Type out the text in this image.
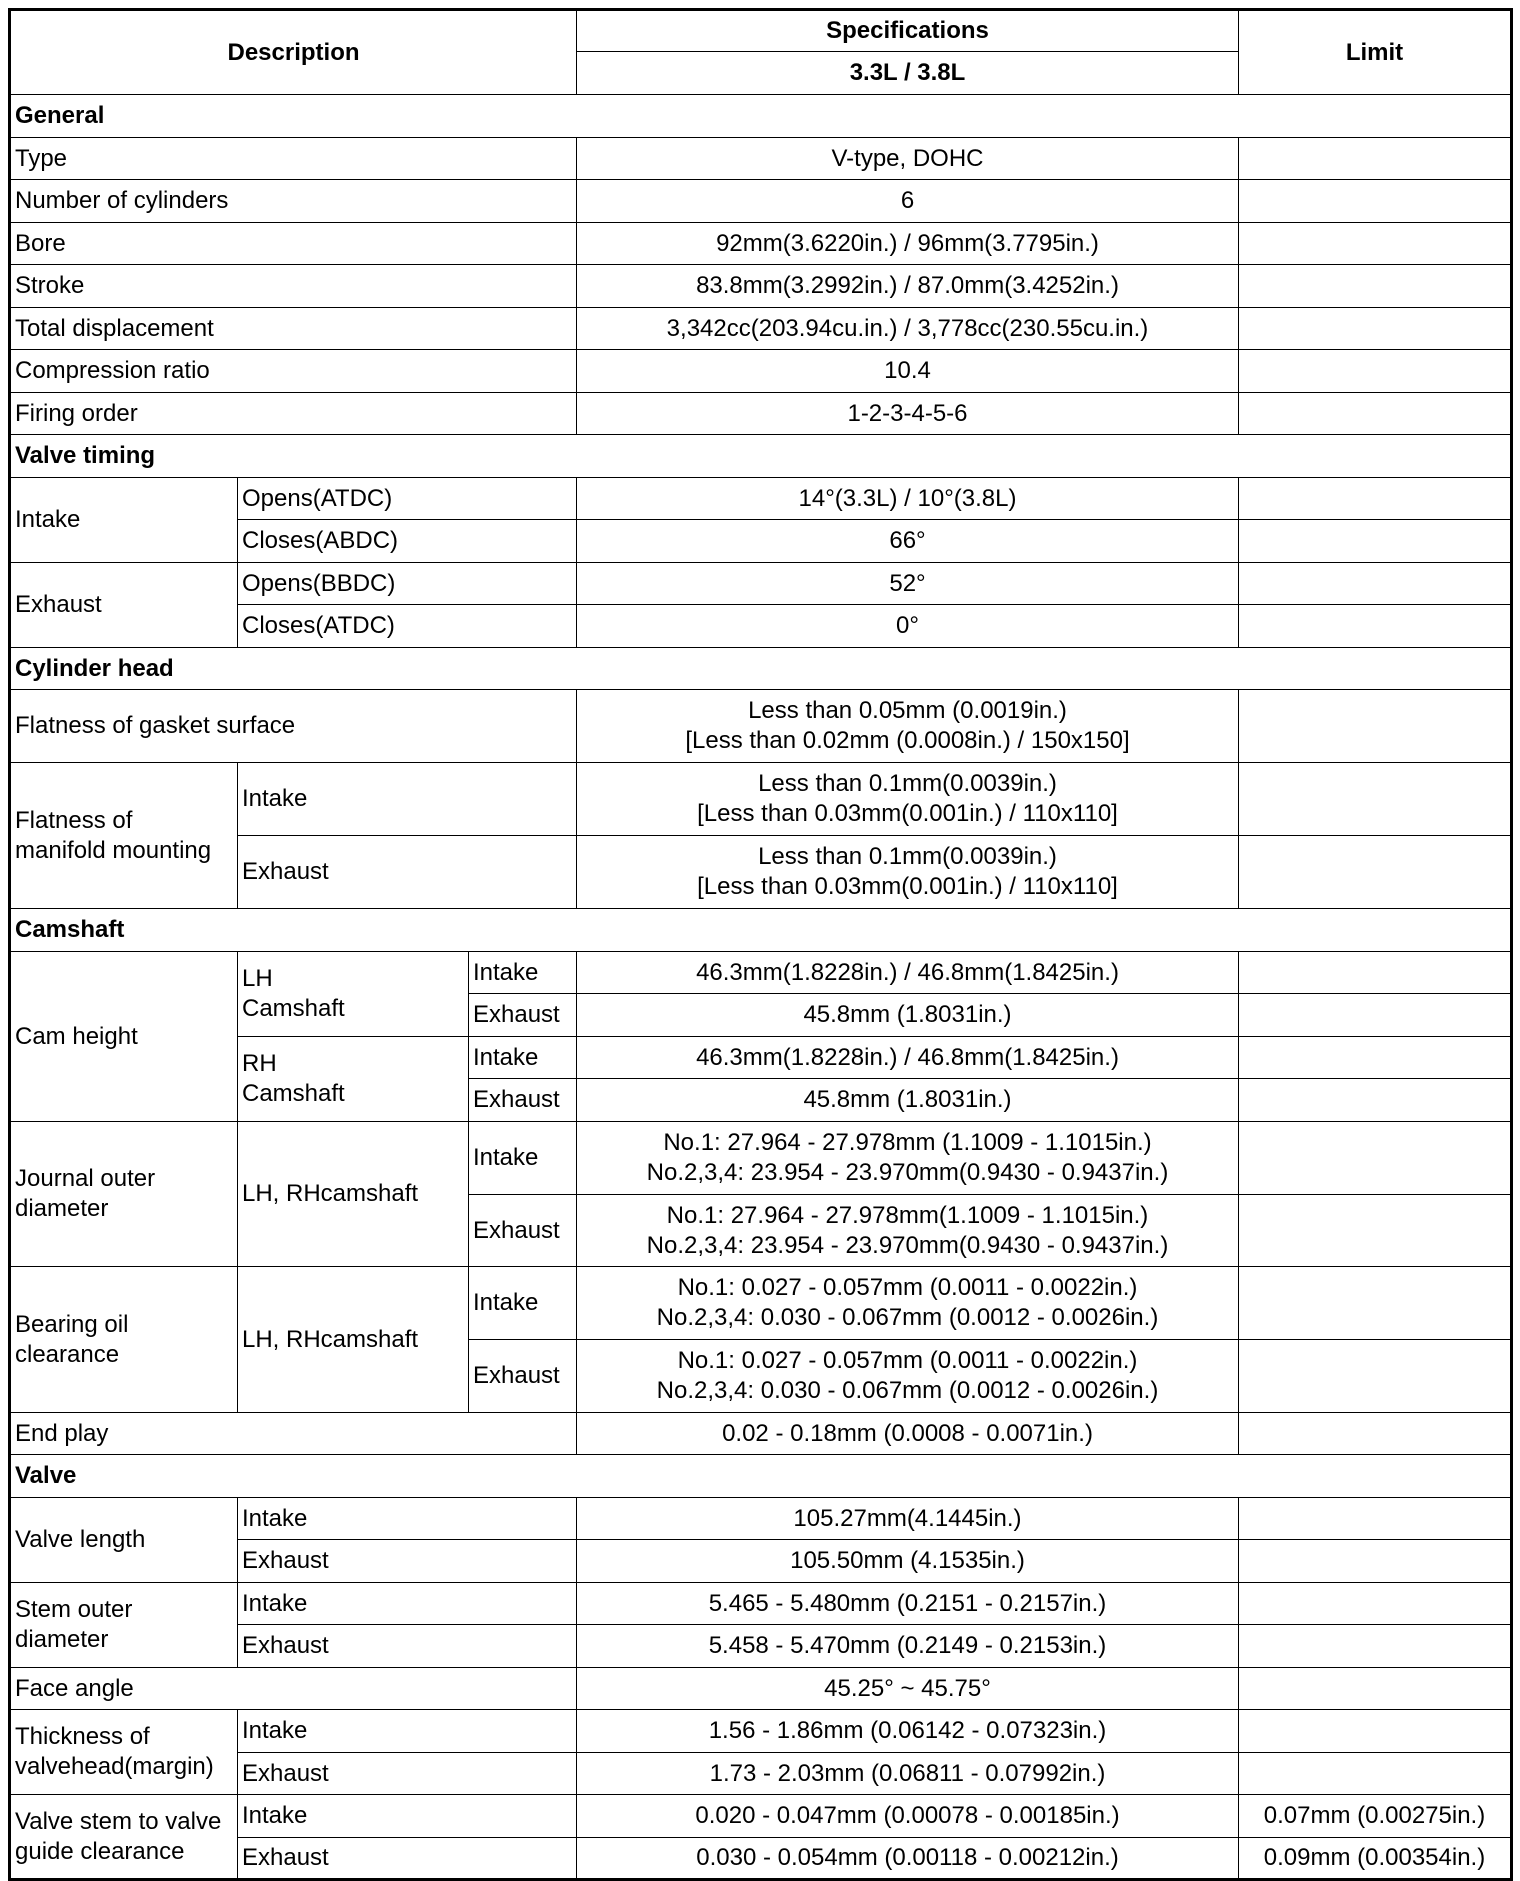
Description			Specifications	Limit
			3.3L / 3.8L	
General				
Type			V-type, DOHC	
Number of cylinders			6	
Bore			92mm(3.6220in.) / 96mm(3.7795in.)	
Stroke			83.8mm(3.2992in.) / 87.0mm(3.4252in.)	
Total displacement			3,342cc(203.94cu.in.) / 3,778cc(230.55cu.in.)	
Compression ratio			10.4	
Firing order			1-2-3-4-5-6	
Valve timing				
Intake	Opens(ATDC)		14°(3.3L) / 10°(3.8L)	
	Closes(ABDC)		66°	
Exhaust	Opens(BBDC)		52°	
	Closes(ATDC)		0°	
Cylinder head				
Flatness of gasket surface			Less than 0.05mm (0.0019in.)
[Less than 0.02mm (0.0008in.) / 150x150]	

Flatness of
manifold mounting	Intake		Less than 0.1mm(0.0039in.)
[Less than 0.03mm(0.001in.) / 110x110]	

	Exhaust		Less than 0.1mm(0.0039in.)
[Less than 0.03mm(0.001in.) / 110x110]	

Camshaft				
Cam height	LH
Camshaft	Intake	46.3mm(1.8228in.) / 46.8mm(1.8425in.)	
		Exhaust	45.8mm (1.8031in.)	

	RH
Camshaft	Intake	46.3mm(1.8228in.) / 46.8mm(1.8425in.)	
		Exhaust	45.8mm (1.8031in.)	

Journal outer
diameter	LH, RHcamshaft	Intake	No.1: 27.964 - 27.978mm (1.1009 - 1.1015in.)
No.2,3,4: 23.954 - 23.970mm(0.9430 - 0.9437in.)	

		Exhaust	No.1: 27.964 - 27.978mm(1.1009 - 1.1015in.)
No.2,3,4: 23.954 - 23.970mm(0.9430 - 0.9437in.)	

Bearing oil
clearance	LH, RHcamshaft	Intake	No.1: 0.027 - 0.057mm (0.0011 - 0.0022in.)
No.2,3,4: 0.030 - 0.067mm (0.0012 - 0.0026in.)	

		Exhaust	No.1: 0.027 - 0.057mm (0.0011 - 0.0022in.)
No.2,3,4: 0.030 - 0.067mm (0.0012 - 0.0026in.)	

End play			0.02 - 0.18mm (0.0008 - 0.0071in.)	
Valve				
Valve length	Intake		105.27mm(4.1445in.)	
	Exhaust		105.50mm (4.1535in.)	

Stem outer
diameter	Intake		5.465 - 5.480mm (0.2151 - 0.2157in.)	
	Exhaust		5.458 - 5.470mm (0.2149 - 0.2153in.)	
Face angle			45.25° ~ 45.75°	

Thickness of
valvehead(margin)	Intake		1.56 - 1.86mm (0.06142 - 0.07323in.)	
	Exhaust		1.73 - 2.03mm (0.06811 - 0.07992in.)	

Valve stem to valve
guide clearance	Intake		0.020 - 0.047mm (0.00078 - 0.00185in.)	0.07mm (0.00275in.)
	Exhaust		0.030 - 0.054mm (0.00118 - 0.00212in.)	0.09mm (0.00354in.)
